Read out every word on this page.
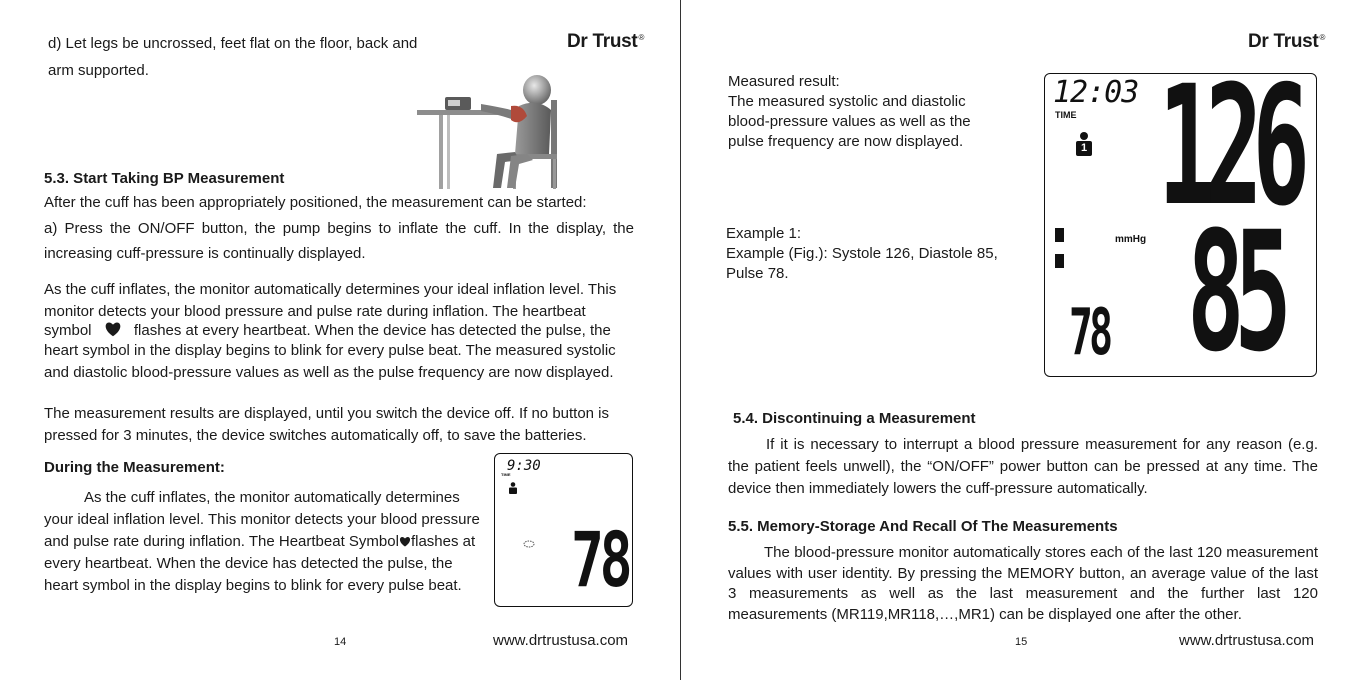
Dr Trust®
d) Let legs be uncrossed, feet flat on the floor, back and
arm supported.
5.3. Start Taking BP Measurement
After the cuff has been appropriately positioned, the measurement can be started:
a) Press the ON/OFF button, the pump begins to inflate the cuff. In the display, the increasing cuff-pressure is continually displayed.
As the cuff inflates, the monitor automatically determines your ideal inflation level. This monitor detects your blood pressure and pulse rate during inflation. The heartbeat
symbol	flashes at every heartbeat. When the device has detected the pulse, the
heart symbol in the display begins to blink for every pulse beat. The measured systolic and diastolic blood-pressure values as well as the pulse frequency are now displayed.
The measurement results are displayed, until you switch the device off. If no button is pressed for 3 minutes, the device switches automatically off, to save the batteries.
During the Measurement:
As the cuff inflates, the monitor automatically determines your ideal inflation level. This monitor detects your blood pressure and pulse rate during inflation. The Heartbeat Symbol flashes at every heartbeat. When the device has detected the pulse, the heart symbol in the display begins to blink for every pulse beat.
9:30
TIME
78
14	www.drtrustusa.com
Dr Trust®
Measured result:
The measured systolic and diastolic blood-pressure values as well as the pulse frequency are now displayed.
Example 1:
Example (Fig.): Systole 126, Diastole 85, Pulse 78.
12:03
TIME
1 126
mmHg 85
78
5.4. Discontinuing a Measurement
If it is necessary to interrupt a blood pressure measurement for any reason (e.g. the patient feels unwell), the “ON/OFF” power button can be pressed at any time. The device then immediately lowers the cuff-pressure automatically.
5.5. Memory-Storage And Recall Of The Measurements
The blood-pressure monitor automatically stores each of the last 120 measurement values with user identity. By pressing the MEMORY button, an average value of the last 3 measurements as well as the last measurement and the further last 120 measurements (MR119,MR118,…,MR1) can be displayed one after the other.
15	www.drtrustusa.com
